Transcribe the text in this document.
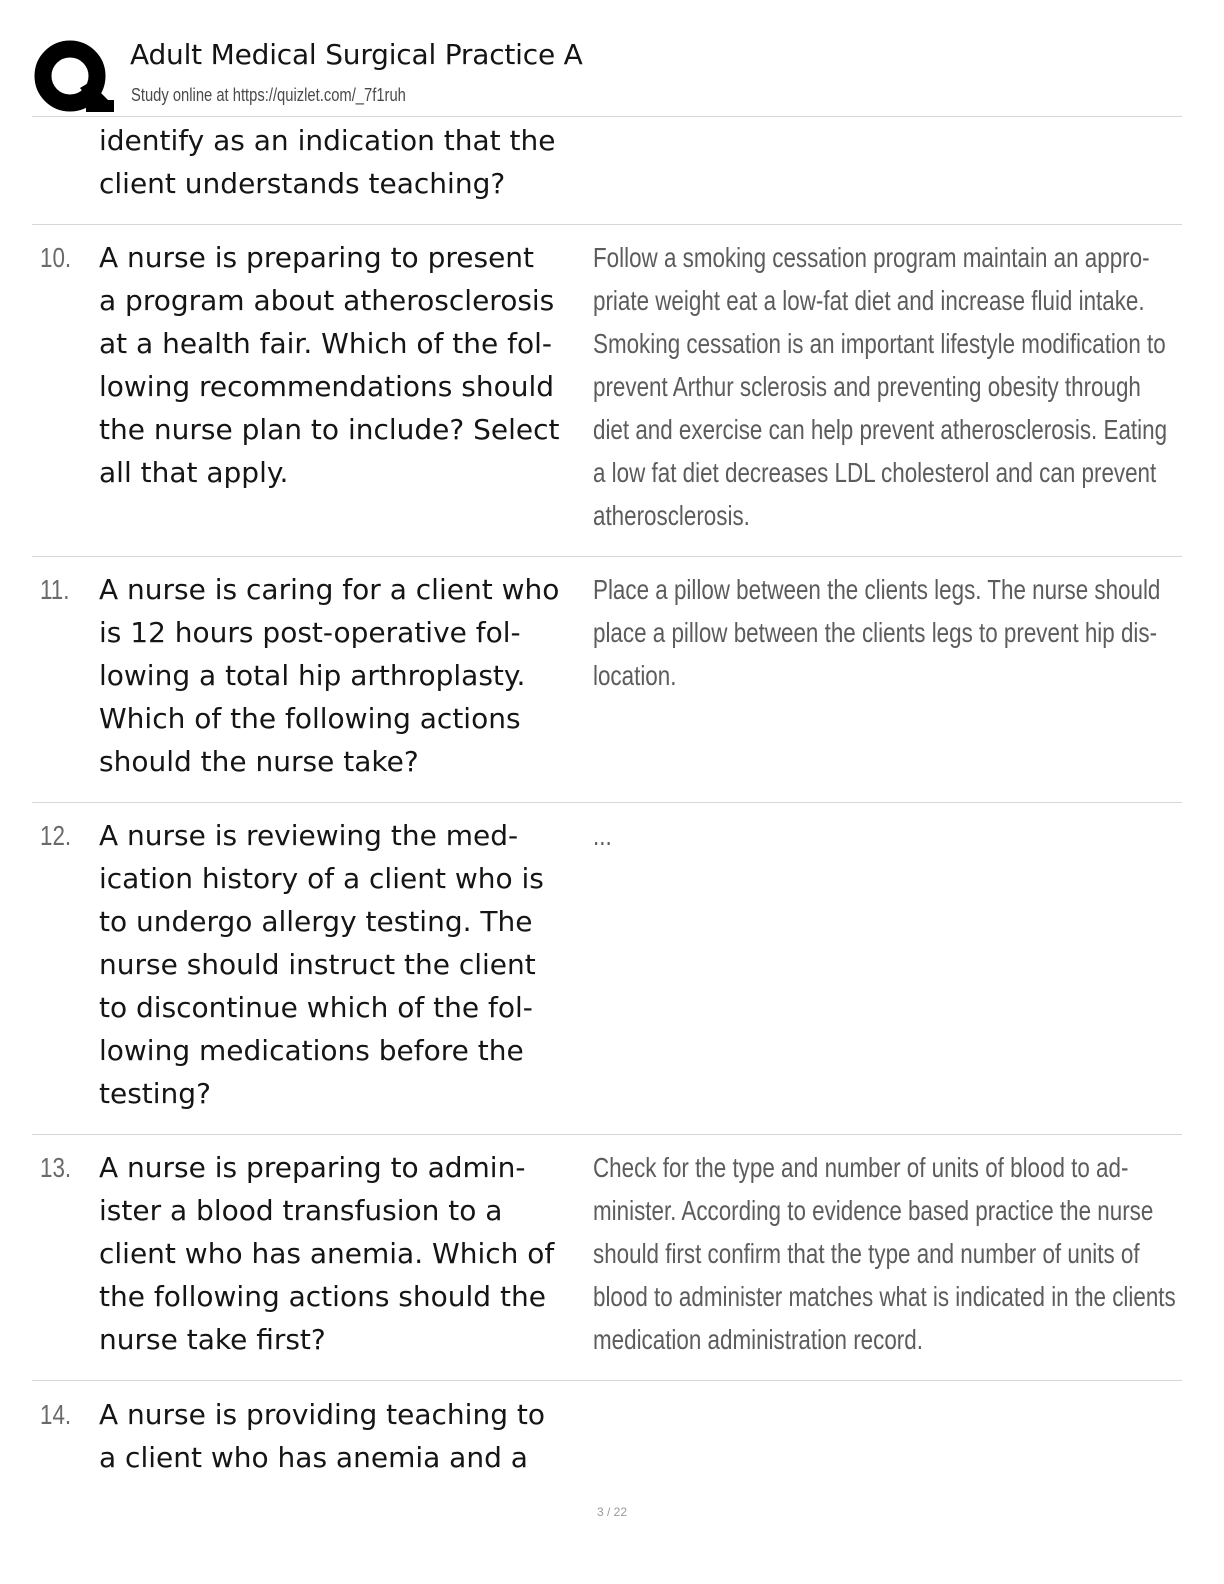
Adult Medical Surgical Practice A
Study online at https://quizlet.com/_7f1ruh
identify as an indication that the
client understands teaching?
10. A nurse is preparing to present
a program about atherosclerosis
at a health fair. Which of the fol-
lowing recommendations should
the nurse plan to include? Select
all that apply.
Follow a smoking cessation program maintain an appro-
priate weight eat a low-fat diet and increase fluid intake.
Smoking cessation is an important lifestyle modification to
prevent Arthur sclerosis and preventing obesity through
diet and exercise can help prevent atherosclerosis. Eating
a low fat diet decreases LDL cholesterol and can prevent
atherosclerosis.
11. A nurse is caring for a client who
is 12 hours post-operative fol-
lowing a total hip arthroplasty.
Which of the following actions
should the nurse take?
Place a pillow between the clients legs. The nurse should
place a pillow between the clients legs to prevent hip dis-
location.
12. A nurse is reviewing the med-
ication history of a client who is
to undergo allergy testing. The
nurse should instruct the client
to discontinue which of the fol-
lowing medications before the
testing?
...
13. A nurse is preparing to admin-
ister a blood transfusion to a
client who has anemia. Which of
the following actions should the
nurse take first?
Check for the type and number of units of blood to ad-
minister. According to evidence based practice the nurse
should first confirm that the type and number of units of
blood to administer matches what is indicated in the clients
medication administration record.
14. A nurse is providing teaching to
a client who has anemia and a
3 / 22
